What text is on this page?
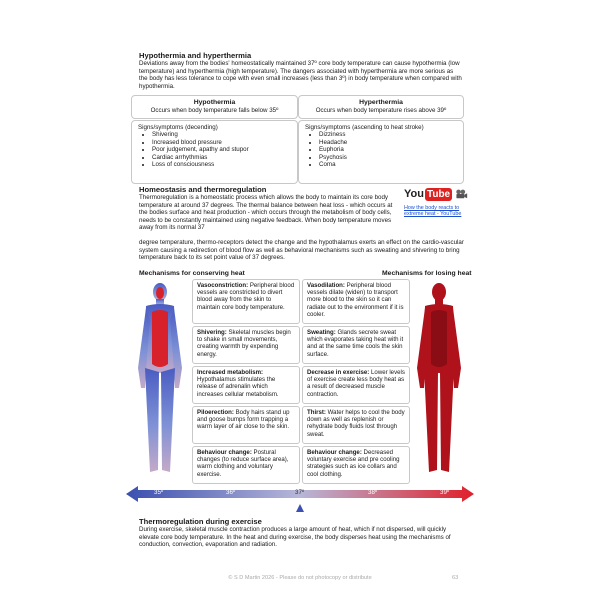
Hypothermia and hyperthermia
Deviations away from the bodies' homeostatically maintained 37º core body temperature can cause hypothermia (low temperature) and hyperthermia (high temperature). The dangers associated with hyperthermia are more serious as the body has less tolerance to cope with even small increases (less than 3º) in body temperature when compared with hypothermia.
Hypothermia
Occurs when body temperature falls below 35º
Hyperthermia
Occurs when body temperature rises above 39º
Signs/symptoms (decending)
• Shivering
• Increased blood pressure
• Poor judgement, apathy and stupor
• Cardiac arrhythmias
• Loss of consciousness
Signs/symptoms (ascending to heat stroke)
• Dizziness
• Headache
• Euphoria
• Psychosis
• Coma
Homeostasis and thermoregulation
Thermoregulation is a homeostatic process which allows the body to maintain its core body temperature at around 37 degrees. The thermal balance between heat loss - which occurs at the bodies surface and heat production - which occurs through the metabolism of body cells, needs to be constantly maintained using negative feedback. When body temperature moves away from its normal 37
degree temperature, thermo-receptors detect the change and the hypothalamus exerts an effect on the cardio-vascular system causing a redirection of blood flow as well as behavioral mechanisms such as sweating and shivering to bring temperature back to its set point value of 37 degrees.
You Tube
How the body reacts to extreme heat - YouTube
Mechanisms for conserving heat	Mechanisms for losing heat
Vasoconstriction: Peripheral blood vessels are constricted to divert blood away from the skin to maintain core body temperature.
Shivering: Skeletal muscles begin to shake in small movements, creating warmth by expending energy.
Increased metabolism: Hypothalamus stimulates the release of adrenalin which increases cellular metabolism.
Piloerection: Body hairs stand up and goose bumps form trapping a warm layer of air close to the skin.
Behaviour change: Postural changes (to reduce surface area), warm clothing and voluntary exercise.
Vasodilation: Peripheral blood vessels dilate (widen) to transport more blood to the skin so it can radiate out to the environment if it is cooler.
Sweating: Glands secrete sweat which evaporates taking heat with it and at the same time cools the skin surface.
Decrease in exercise: Lower levels of exercise create less body heat as a result of decreased muscle contraction.
Thirst: Water helps to cool the body down as well as replenish or rehydrate body fluids lost through sweat.
Behaviour change: Decreased voluntary exercise and pre cooling strategies such as ice collars and cool clothing.
35º	36º	37º	38º	39º
Thermoregulation during exercise
During exercise, skeletal muscle contraction produces a large amount of heat, which if not dispersed, will quickly elevate core body temperature. In the heat and during exercise, the body disperses heat using the mechanisms of conduction, convection, evaporation and radiation.
© S D Martin 2026 - Please do not photocopy or distribute	63
